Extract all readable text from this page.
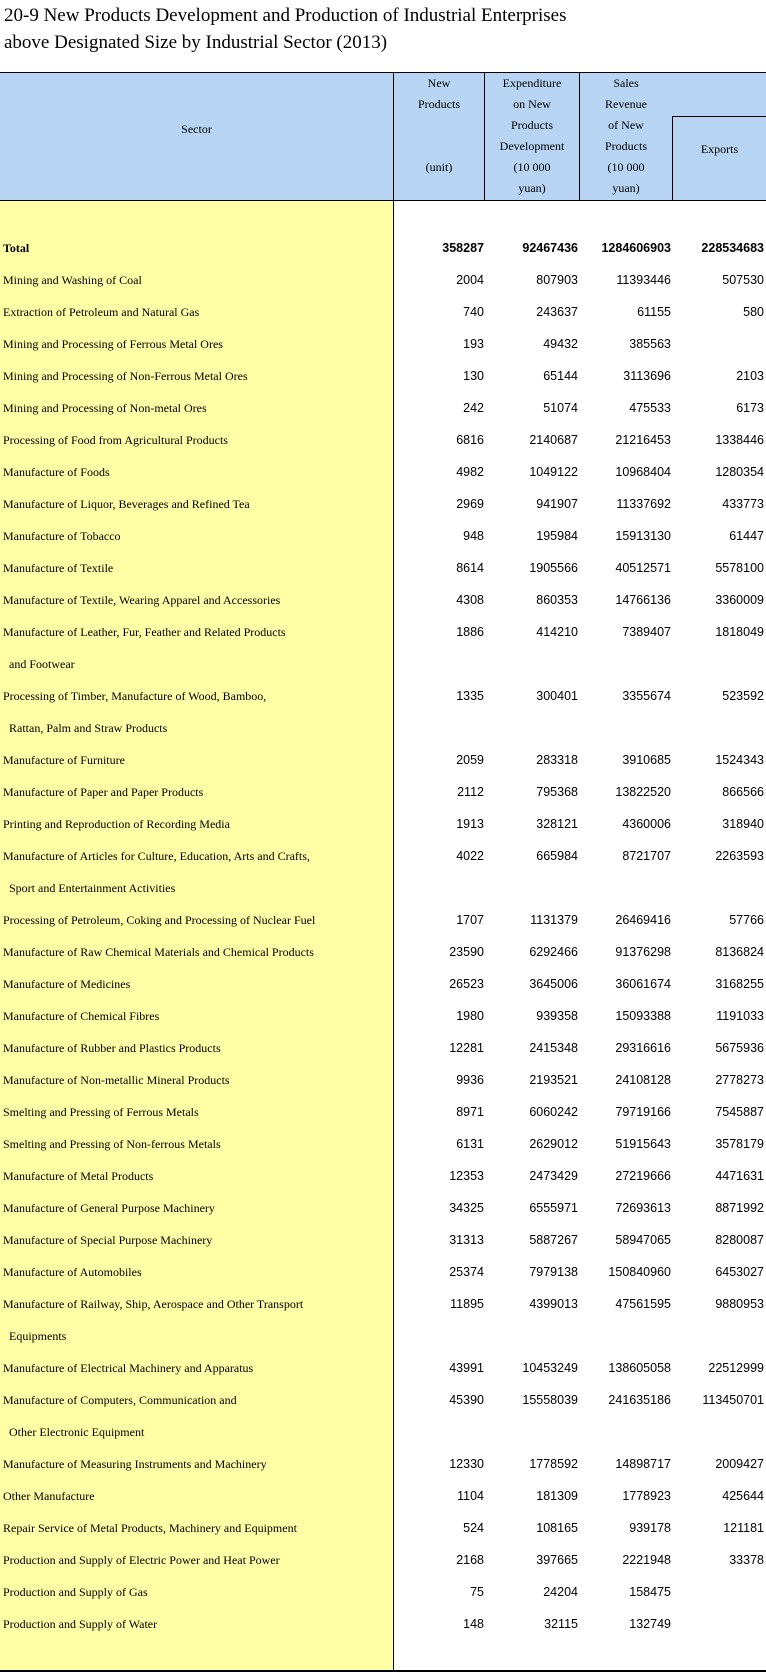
20-9 New Products Development and Production of Industrial Enterprises
above Designated Size by Industrial Sector (2013)
Sector
New
Products
(unit)
Expenditure
on New
Products
Development
(10 000
yuan)
Sales
Revenue
of New
Products
(10 000
yuan)
Exports
Total	358287	92467436 1284606903 228534683
Mining and Washing of Coal	2004	807903	11393446	507530
Extraction of Petroleum and Natural Gas	740	243637	61155	580
Mining and Processing of Ferrous Metal Ores	193	49432	385563
Mining and Processing of Non-Ferrous Metal Ores	130	65144	3113696	2103
Mining and Processing of Non-metal Ores	242	51074	475533	6173
Processing of Food from Agricultural Products	6816	2140687	21216453	1338446
Manufacture of Foods	4982	1049122	10968404	1280354
Manufacture of Liquor, Beverages and Refined Tea	2969	941907	11337692	433773
Manufacture of Tobacco	948	195984	15913130	61447
Manufacture of Textile	8614	1905566	40512571	5578100
Manufacture of Textile, Wearing Apparel and Accessories	4308	860353	14766136	3360009
Manufacture of Leather, Fur, Feather and Related Products	1886	414210	7389407	1818049
and Footwear
Processing of Timber, Manufacture of Wood, Bamboo,	1335	300401	3355674	523592
Rattan, Palm and Straw Products
Manufacture of Furniture	2059	283318	3910685	1524343
Manufacture of Paper and Paper Products	2112	795368	13822520	866566
Printing and Reproduction of Recording Media	1913	328121	4360006	318940
Manufacture of Articles for Culture, Education, Arts and Crafts,	4022	665984	8721707	2263593
Sport and Entertainment Activities
Processing of Petroleum, Coking and Processing of Nuclear Fuel	1707	1131379	26469416	57766
Manufacture of Raw Chemical Materials and Chemical Products	23590	6292466	91376298	8136824
Manufacture of Medicines	26523	3645006	36061674	3168255
Manufacture of Chemical Fibres	1980	939358	15093388	1191033
Manufacture of Rubber and Plastics Products	12281	2415348	29316616	5675936
Manufacture of Non-metallic Mineral Products	9936	2193521	24108128	2778273
Smelting and Pressing of Ferrous Metals	8971	6060242	79719166	7545887
Smelting and Pressing of Non-ferrous Metals	6131	2629012	51915643	3578179
Manufacture of Metal Products	12353	2473429	27219666	4471631
Manufacture of General Purpose Machinery	34325	6555971	72693613	8871992
Manufacture of Special Purpose Machinery	31313	5887267	58947065	8280087
Manufacture of Automobiles	25374	7979138 150840960	6453027
Manufacture of Railway, Ship, Aerospace and Other Transport	11895	4399013	47561595	9880953
Equipments
Manufacture of Electrical Machinery and Apparatus	43991	10453249 138605058	22512999
Manufacture of Computers, Communication and	45390	15558039 241635186	113450701
Other Electronic Equipment
Manufacture of Measuring Instruments and Machinery	12330	1778592	14898717	2009427
Other Manufacture	1104	181309	1778923	425644
Repair Service of Metal Products, Machinery and Equipment	524	108165	939178	121181
Production and Supply of Electric Power and Heat Power	2168	397665	2221948	33378
Production and Supply of Gas	75	24204	158475
Production and Supply of Water	148	32115	132749
